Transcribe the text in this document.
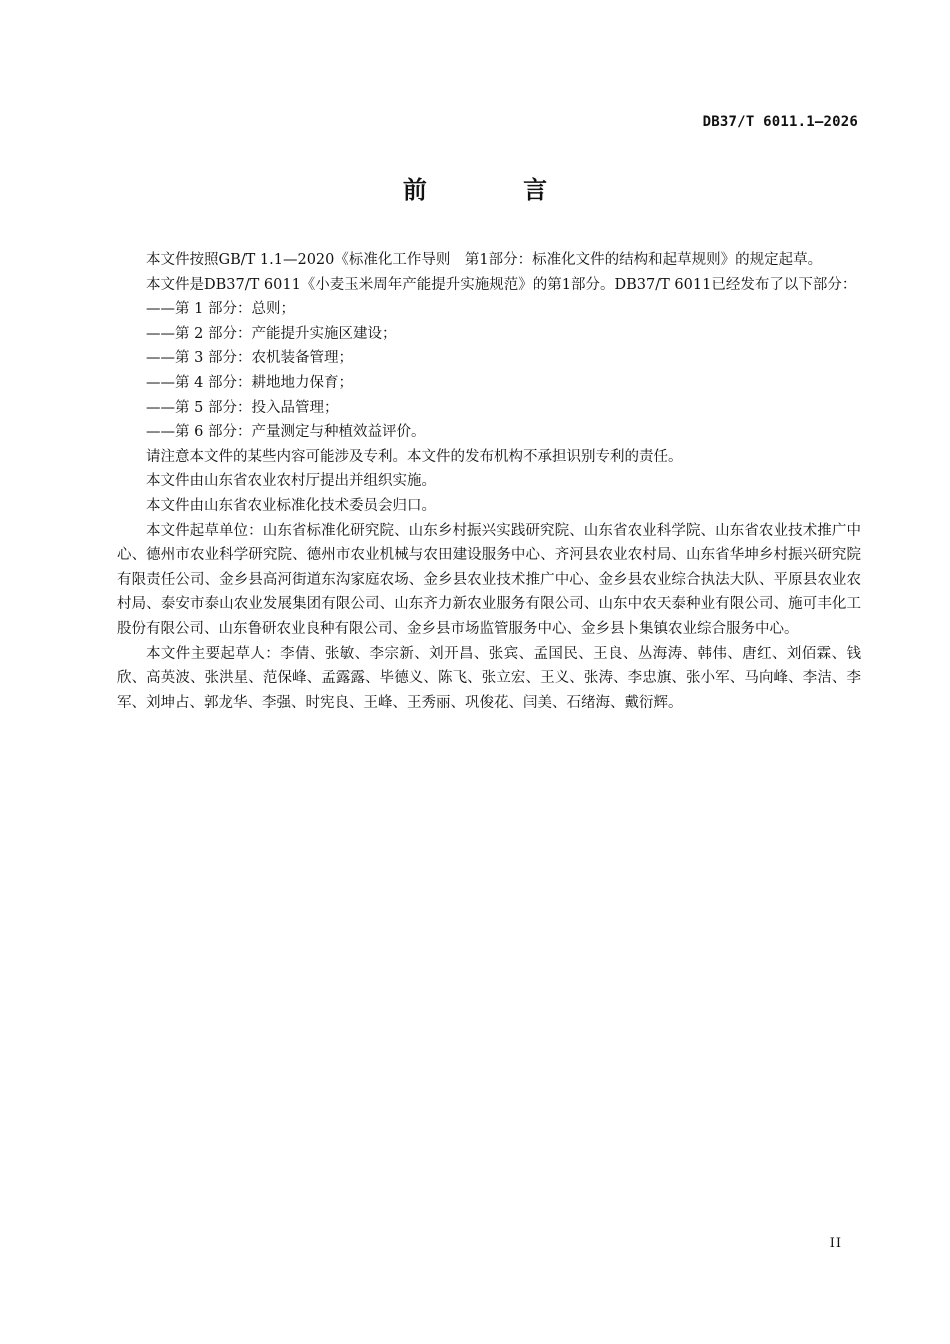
DB37/T 6011.1—2026
前 言

本文件按照GB/T 1.1—2020《标准化工作导则　第1部分：标准化文件的结构和起草规则》的规定起草。

本文件是DB37/T 6011《小麦玉米周年产能提升实施规范》的第1部分。DB37/T 6011已经发布了以下部分：

——第 1 部分：总则；

——第 2 部分：产能提升实施区建设；

——第 3 部分：农机装备管理；

——第 4 部分：耕地地力保育；

——第 5 部分：投入品管理；

——第 6 部分：产量测定与种植效益评价。

请注意本文件的某些内容可能涉及专利。本文件的发布机构不承担识别专利的责任。

本文件由山东省农业农村厅提出并组织实施。

本文件由山东省农业标准化技术委员会归口。

本文件起草单位：山东省标准化研究院、山东乡村振兴实践研究院、山东省农业科学院、山东省农业技术推广中心、德州市农业科学研究院、德州市农业机械与农田建设服务中心、齐河县农业农村局、山东省华坤乡村振兴研究院有限责任公司、金乡县高河街道东沟家庭农场、金乡县农业技术推广中心、金乡县农业综合执法大队、平原县农业农村局、泰安市泰山农业发展集团有限公司、山东齐力新农业服务有限公司、山东中农天泰种业有限公司、施可丰化工股份有限公司、山东鲁研农业良种有限公司、金乡县市场监管服务中心、金乡县卜集镇农业综合服务中心。

本文件主要起草人：李倩、张敏、李宗新、刘开昌、张宾、孟国民、王良、丛海涛、韩伟、唐红、刘佰霖、钱欣、高英波、张洪星、范保峰、孟露露、毕德义、陈飞、张立宏、王义、张涛、李忠旗、张小军、马向峰、李洁、李军、刘坤占、郭龙华、李强、时宪良、王峰、王秀丽、巩俊花、闫美、石绪海、戴衍辉。

II
